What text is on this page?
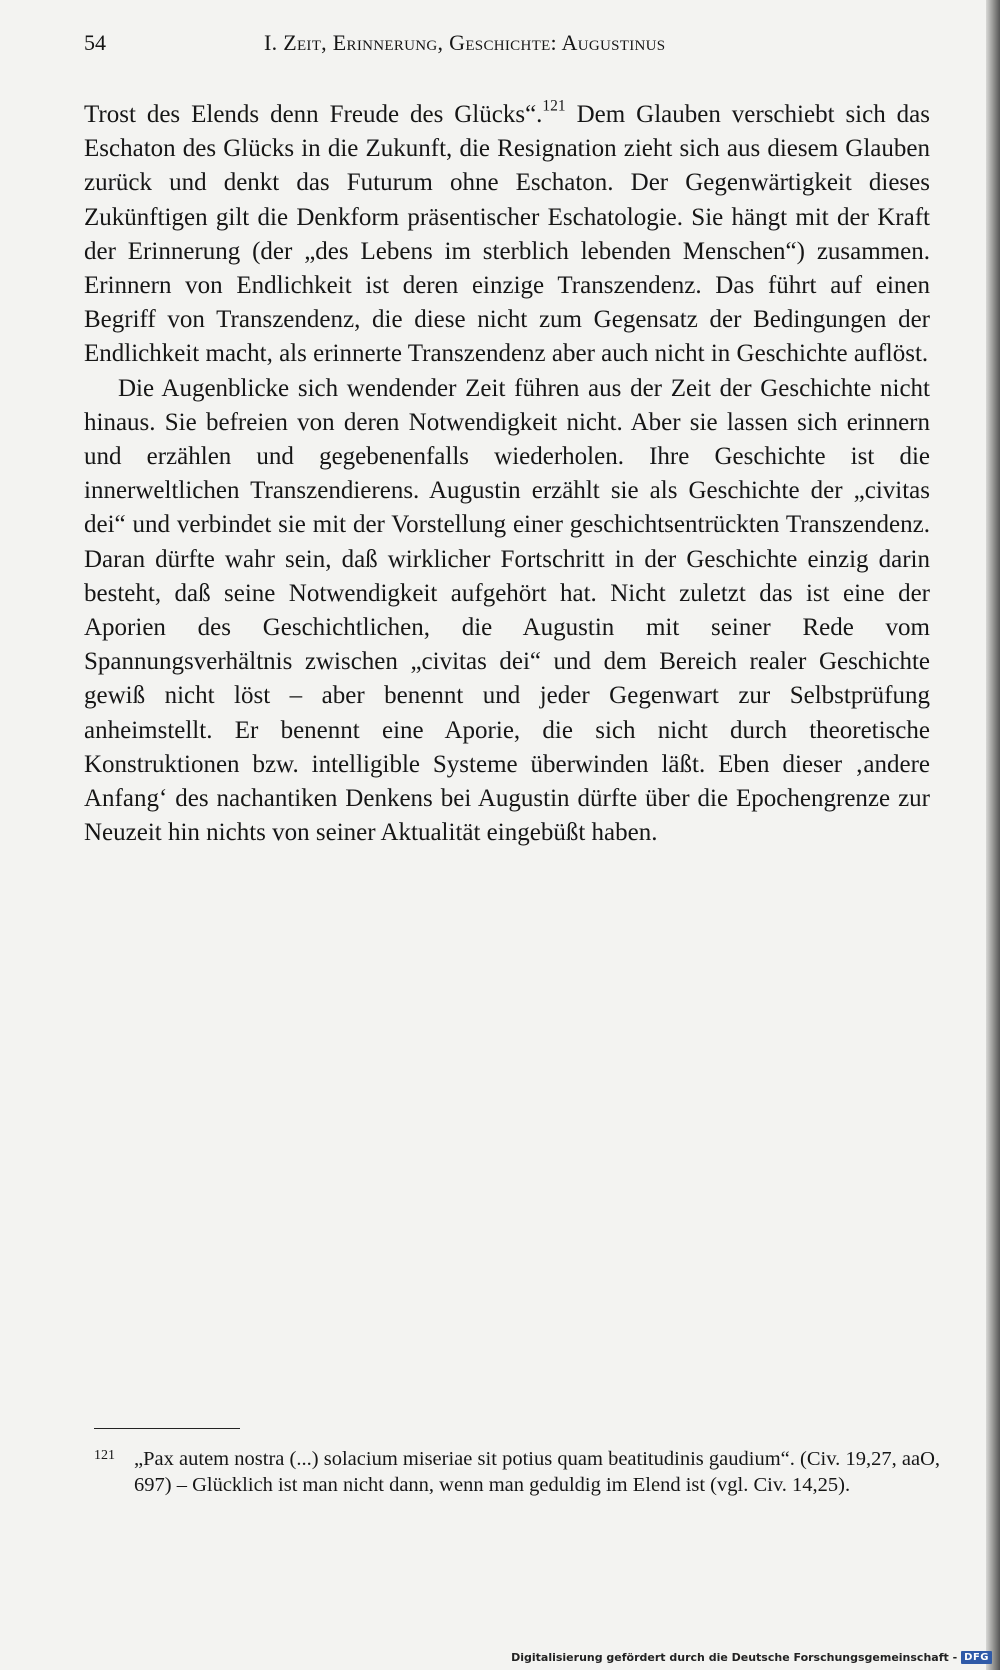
54	I. Zeit, Erinnerung, Geschichte: Augustinus

Trost des Elends denn Freude des Glücks“.$^{121}$ Dem Glauben verschiebt sich das Eschaton des Glücks in die Zukunft, die Resignation zieht sich aus diesem Glauben zurück und denkt das Futurum ohne Eschaton. Der Gegenwärtigkeit dieses Zukünftigen gilt die Denkform präsentischer Eschatologie. Sie hängt mit der Kraft der Erinnerung (der „des Lebens im sterblich lebenden Menschen“) zusammen. Erinnern von Endlichkeit ist deren einzige Transzendenz. Das führt auf einen Begriff von Transzendenz, die diese nicht zum Gegensatz der Bedingungen der Endlichkeit macht, als erinnerte Transzendenz aber auch nicht in Geschichte auflöst.

Die Augenblicke sich wendender Zeit führen aus der Zeit der Geschichte nicht hinaus. Sie befreien von deren Notwendigkeit nicht. Aber sie lassen sich erinnern und erzählen und gegebenenfalls wiederholen. Ihre Geschichte ist die innerweltlichen Transzendierens. Augustin erzählt sie als Geschichte der „civitas dei“ und verbindet sie mit der Vorstellung einer geschichtsentrückten Transzendenz. Daran dürfte wahr sein, daß wirklicher Fortschritt in der Geschichte einzig darin besteht, daß seine Notwendigkeit aufgehört hat. Nicht zuletzt das ist eine der Aporien des Geschichtlichen, die Augustin mit seiner Rede vom Spannungsverhältnis zwischen „civitas dei“ und dem Bereich realer Geschichte gewiß nicht löst – aber benennt und jeder Gegenwart zur Selbstprüfung anheimstellt. Er benennt eine Aporie, die sich nicht durch theoretische Konstruktionen bzw. intelligible Systeme überwinden läßt. Eben dieser ‚andere Anfang‘ des nachantiken Denkens bei Augustin dürfte über die Epochengrenze zur Neuzeit hin nichts von seiner Aktualität eingebüßt haben.

121 „Pax autem nostra (...) solacium miseriae sit potius quam beatitudinis gaudium“. (Civ. 19,27, aaO, 697) – Glücklich ist man nicht dann, wenn man geduldig im Elend ist (vgl. Civ. 14,25).
Digitalisierung gefördert durch die Deutsche Forschungsgemeinschaft - DFG
